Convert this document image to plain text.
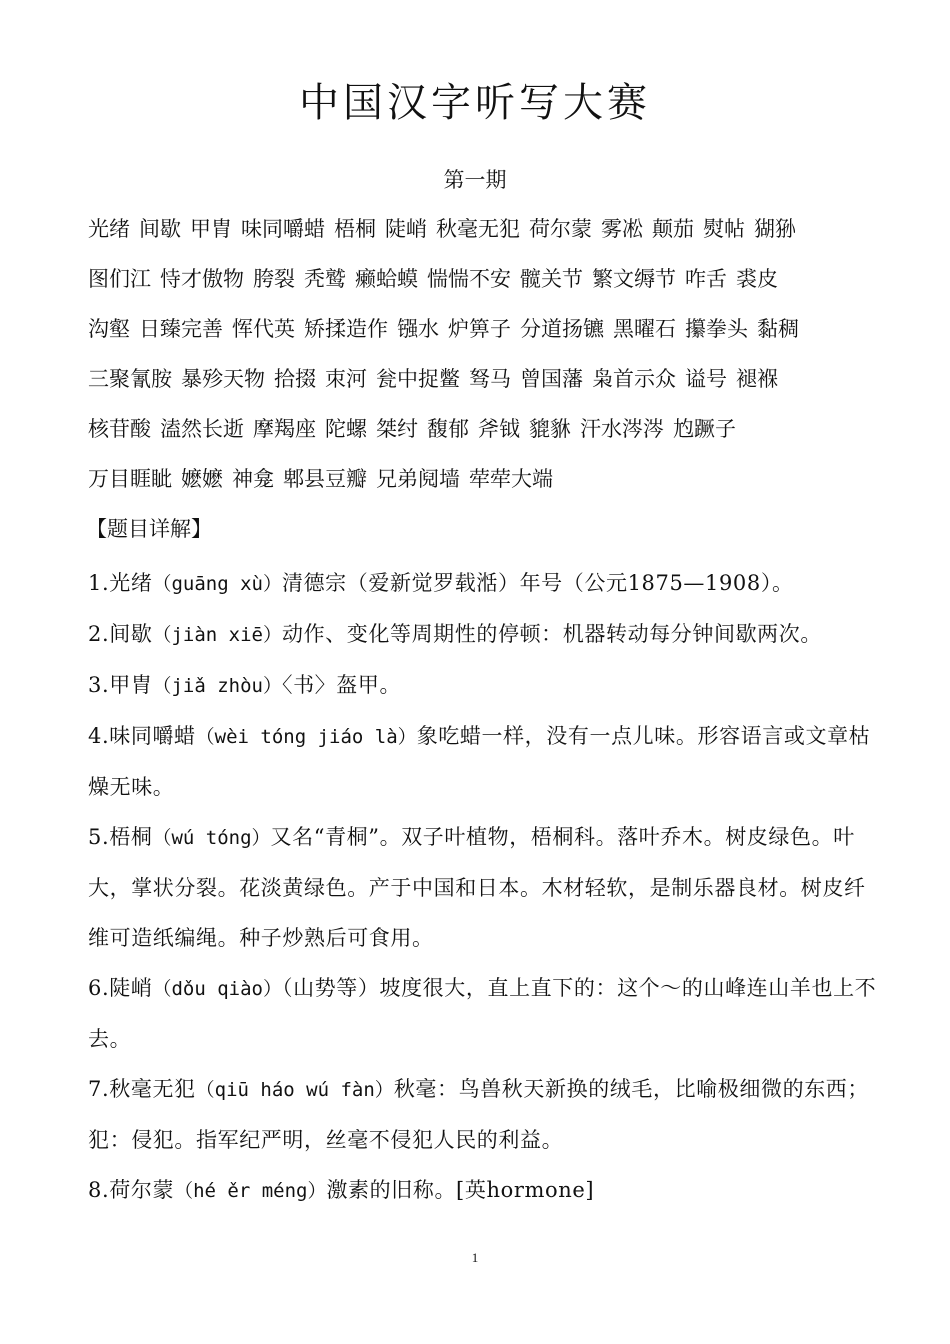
中国汉字听写大赛
第一期
光绪 间歇 甲胄 味同嚼蜡 梧桐 陡峭 秋毫无犯 荷尔蒙 雾凇 颠茄 熨帖 猢狲
图们江 恃才傲物 胯裂 秃鹫 癞蛤蟆 惴惴不安 髋关节 繁文缛节 咋舌 裘皮
沟壑 日臻完善 恽代英 矫揉造作 镪水 炉箅子 分道扬镳 黑曜石 攥拳头 黏稠
三聚氰胺 暴殄天物 拾掇 朿河 瓮中捉鳖 驽马 曾国藩 枭首示众 谥号 褪褓
核苷酸 溘然长逝 摩羯座 陀螺 桀纣 馥郁 斧钺 貔貅 汗水涔涔 尥蹶子
万目睚眦 嬷嬷 神龛 郫县豆瓣 兄弟阋墙 荦荦大端
【题目详解】

1.光绪（guāng xù）清德宗（爱新觉罗载湉）年号（公元1875—1908）。

2.间歇（jiàn xiē）动作、变化等周期性的停顿：机器转动每分钟间歇两次。

3.甲胄（jiǎ zhòu）〈书〉盔甲。

4.味同嚼蜡（wèi tóng jiáo là）象吃蜡一样，没有一点儿味。形容语言或文章枯燥无味。

5.梧桐（wú tóng）又名“青桐”。双子叶植物，梧桐科。落叶乔木。树皮绿色。叶大，掌状分裂。花淡黄绿色。产于中国和日本。木材轻软，是制乐器良材。树皮纤维可造纸编绳。种子炒熟后可食用。

6.陡峭（dǒu qiào）（山势等）坡度很大，直上直下的：这个～的山峰连山羊也上不去。

7.秋毫无犯（qiū háo wú fàn）秋毫：鸟兽秋天新换的绒毛，比喻极细微的东西；犯：侵犯。指军纪严明，丝毫不侵犯人民的利益。

8.荷尔蒙（hé ěr méng）激素的旧称。[英hormone]

1
